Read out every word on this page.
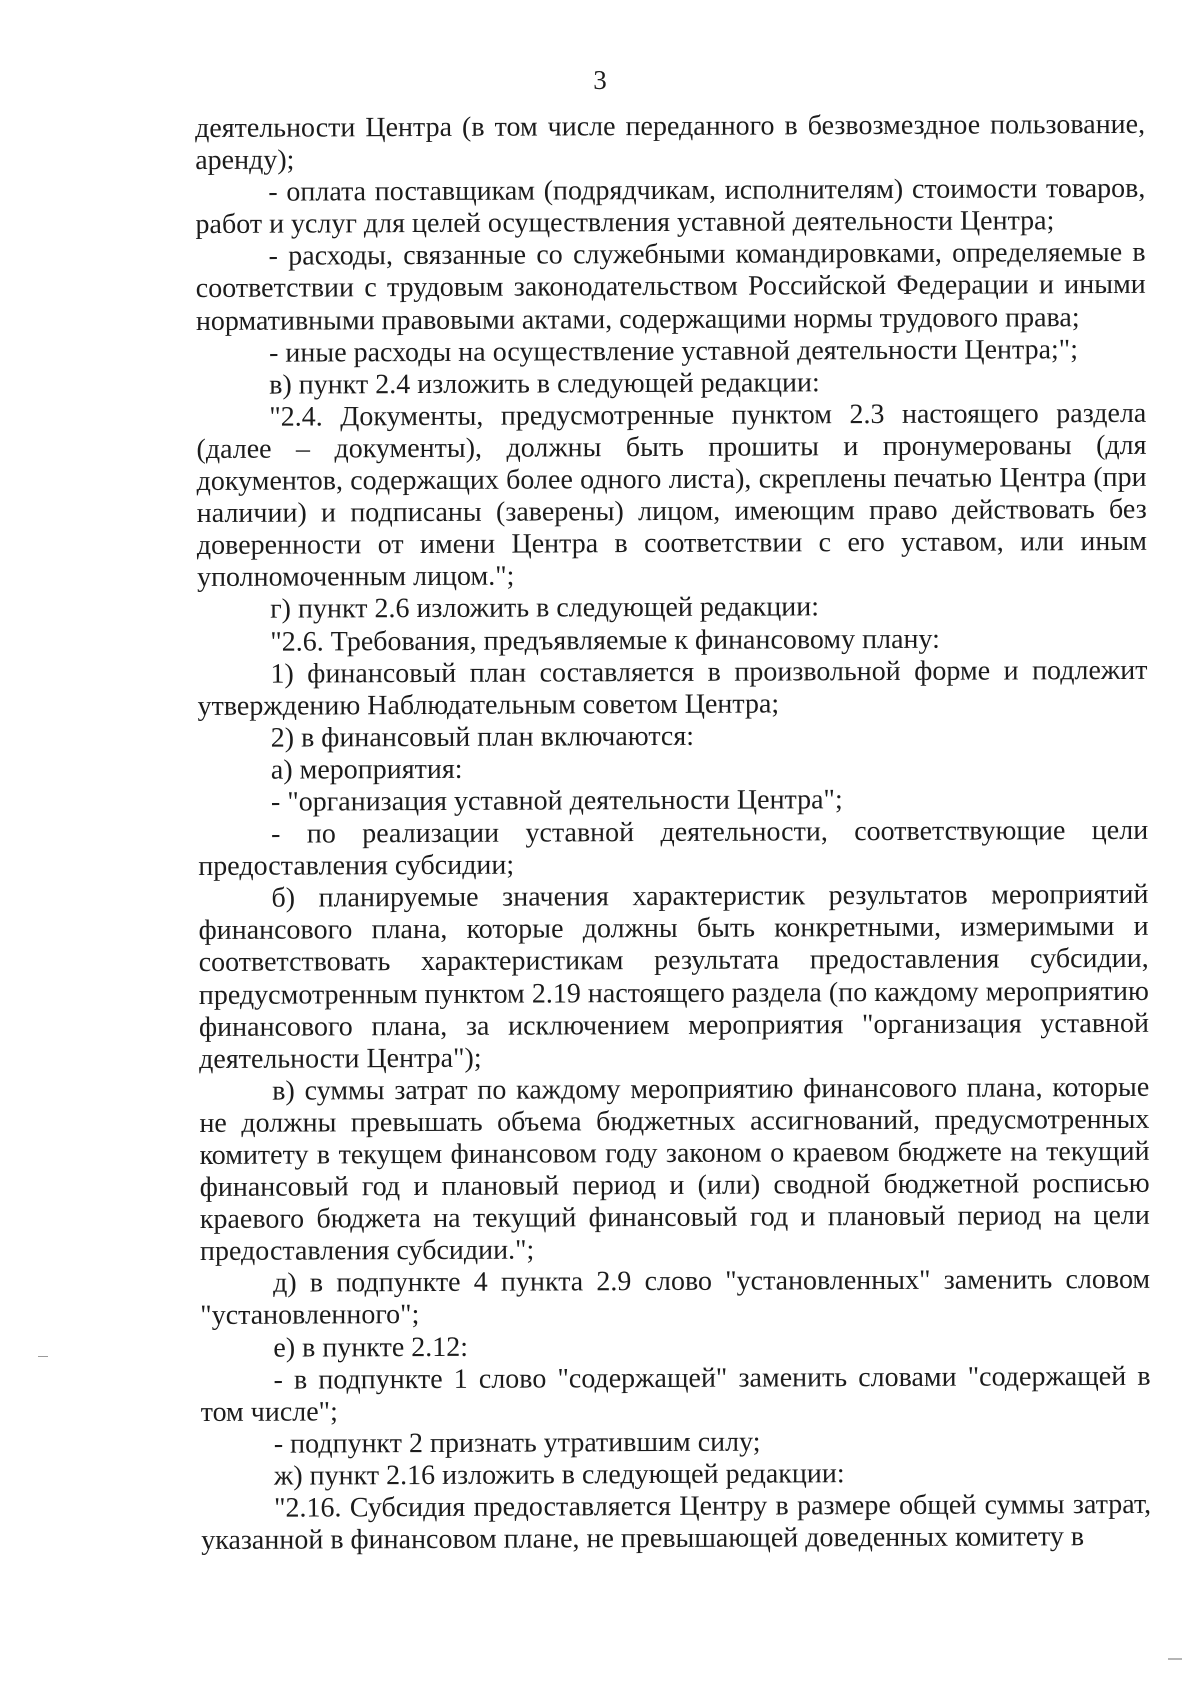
3

деятельности Центра (в том числе переданного в безвозмездное пользование, аренду);

- оплата поставщикам (подрядчикам, исполнителям) стоимости товаров, работ и услуг для целей осуществления уставной деятельности Центра;

- расходы, связанные со служебными командировками, определяемые в соответствии с трудовым законодательством Российской Федерации и иными нормативными правовыми актами, содержащими нормы трудового права;

- иные расходы на осуществление уставной деятельности Центра;";

в) пункт 2.4 изложить в следующей редакции:

"2.4. Документы, предусмотренные пунктом 2.3 настоящего раздела (далее – документы), должны быть прошиты и пронумерованы (для документов, содержащих более одного листа), скреплены печатью Центра (при наличии) и подписаны (заверены) лицом, имеющим право действовать без доверенности от имени Центра в соответствии с его уставом, или иным уполномоченным лицом.";

г) пункт 2.6 изложить в следующей редакции:

"2.6. Требования, предъявляемые к финансовому плану:

1) финансовый план составляется в произвольной форме и подлежит утверждению Наблюдательным советом Центра;

2) в финансовый план включаются:

а) мероприятия:

- "организация уставной деятельности Центра";

- по реализации уставной деятельности, соответствующие цели предоставления субсидии;

б) планируемые значения характеристик результатов мероприятий финансового плана, которые должны быть конкретными, измеримыми и соответствовать характеристикам результата предоставления субсидии, предусмотренным пунктом 2.19 настоящего раздела (по каждому мероприятию финансового плана, за исключением мероприятия "организация уставной деятельности Центра");

в) суммы затрат по каждому мероприятию финансового плана, которые не должны превышать объема бюджетных ассигнований, предусмотренных комитету в текущем финансовом году законом о краевом бюджете на текущий финансовый год и плановый период и (или) сводной бюджетной росписью краевого бюджета на текущий финансовый год и плановый период на цели предоставления субсидии.";

д) в подпункте 4 пункта 2.9 слово "установленных" заменить словом "установленного";

е) в пункте 2.12:

- в подпункте 1 слово "содержащей" заменить словами "содержащей в том числе";

- подпункт 2 признать утратившим силу;

ж) пункт 2.16 изложить в следующей редакции:

"2.16. Субсидия предоставляется Центру в размере общей суммы затрат, указанной в финансовом плане, не превышающей доведенных комитету в
